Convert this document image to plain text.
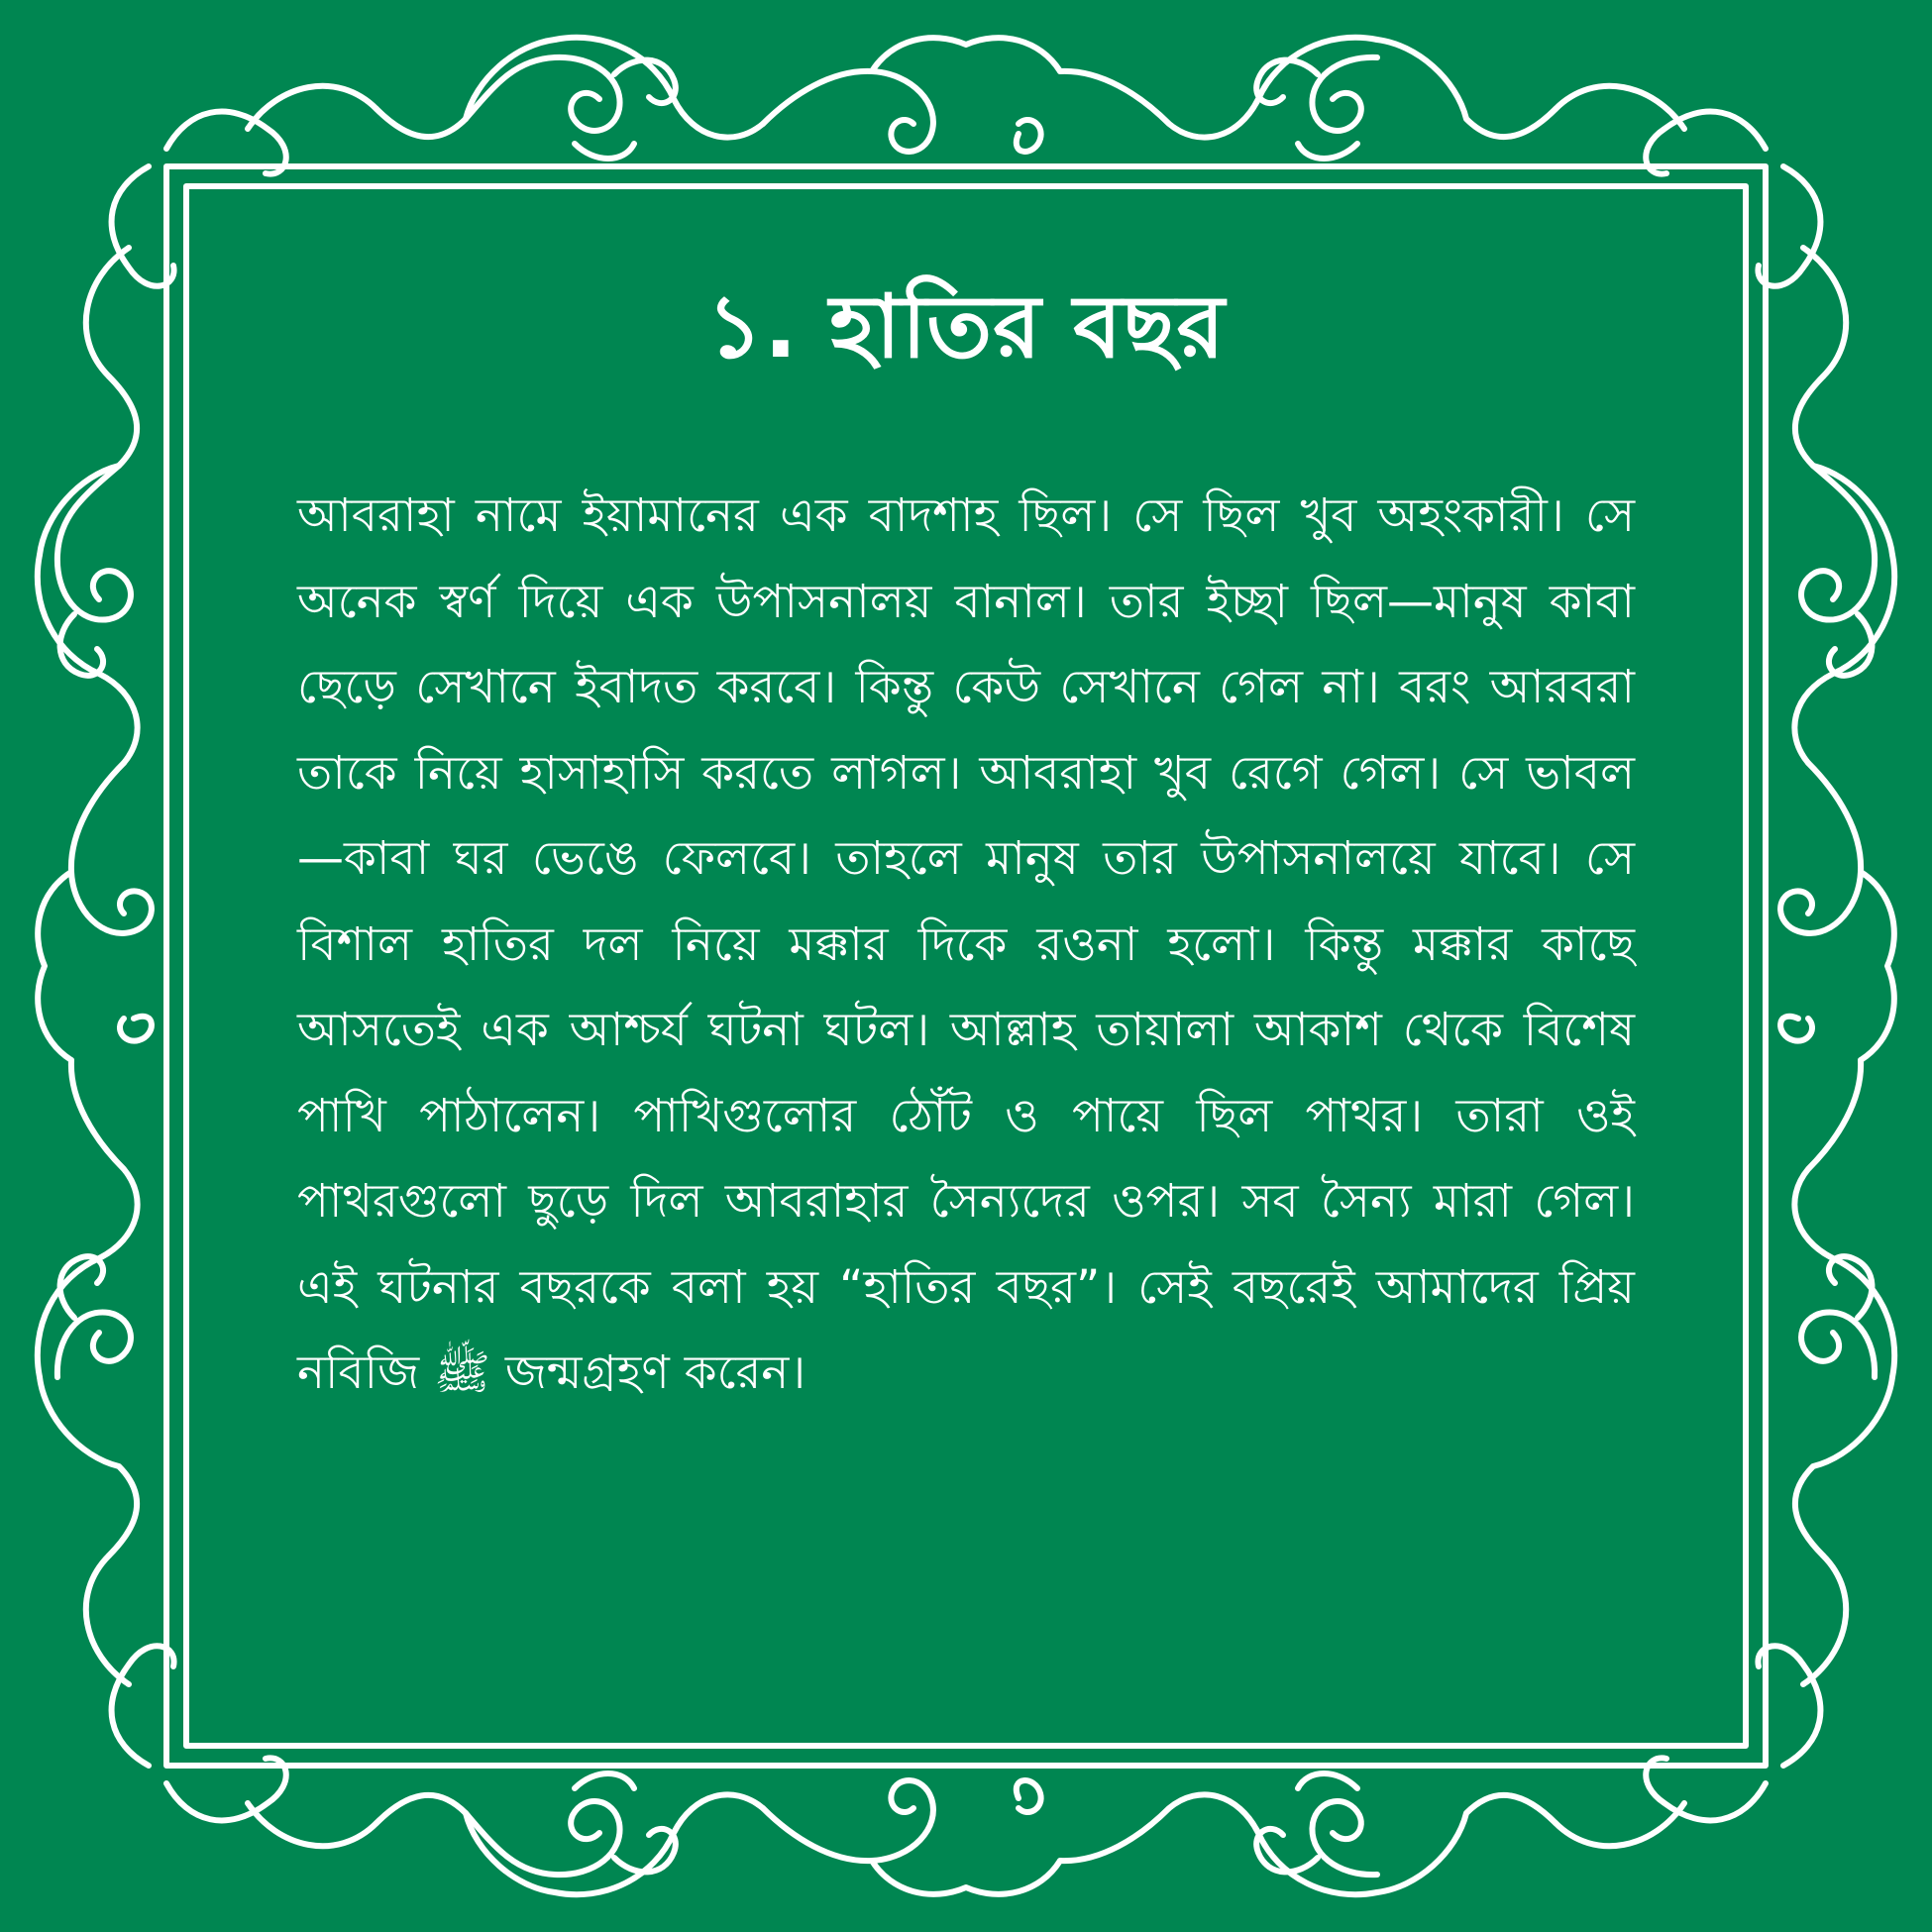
১. হাতির বছর

আবরাহা নামে ইয়ামানের এক বাদশাহ ছিল। সে ছিল খুব অহংকারী। সে অনেক স্বর্ণ দিয়ে এক উপাসনালয় বানাল। তার ইচ্ছা ছিল—মানুষ কাবা ছেড়ে সেখানে ইবাদত করবে। কিন্তু কেউ সেখানে গেল না। বরং আরবরা তাকে নিয়ে হাসাহাসি করতে লাগল। আবরাহা খুব রেগে গেল। সে ভাবল—কাবা ঘর ভেঙে ফেলবে। তাহলে মানুষ তার উপাসনালয়ে যাবে। সে বিশাল হাতির দল নিয়ে মক্কার দিকে রওনা হলো। কিন্তু মক্কার কাছে আসতেই এক আশ্চর্য ঘটনা ঘটল। আল্লাহ তায়ালা আকাশ থেকে বিশেষ পাখি পাঠালেন। পাখিগুলোর ঠোঁট ও পায়ে ছিল পাথর। তারা ওই পাথরগুলো ছুড়ে দিল আবরাহার সৈন্যদের ওপর। সব সৈন্য মারা গেল। এই ঘটনার বছরকে বলা হয় “হাতির বছর”। সেই বছরেই আমাদের প্রিয় নবিজি ﷺ জন্মগ্রহণ করেন।
